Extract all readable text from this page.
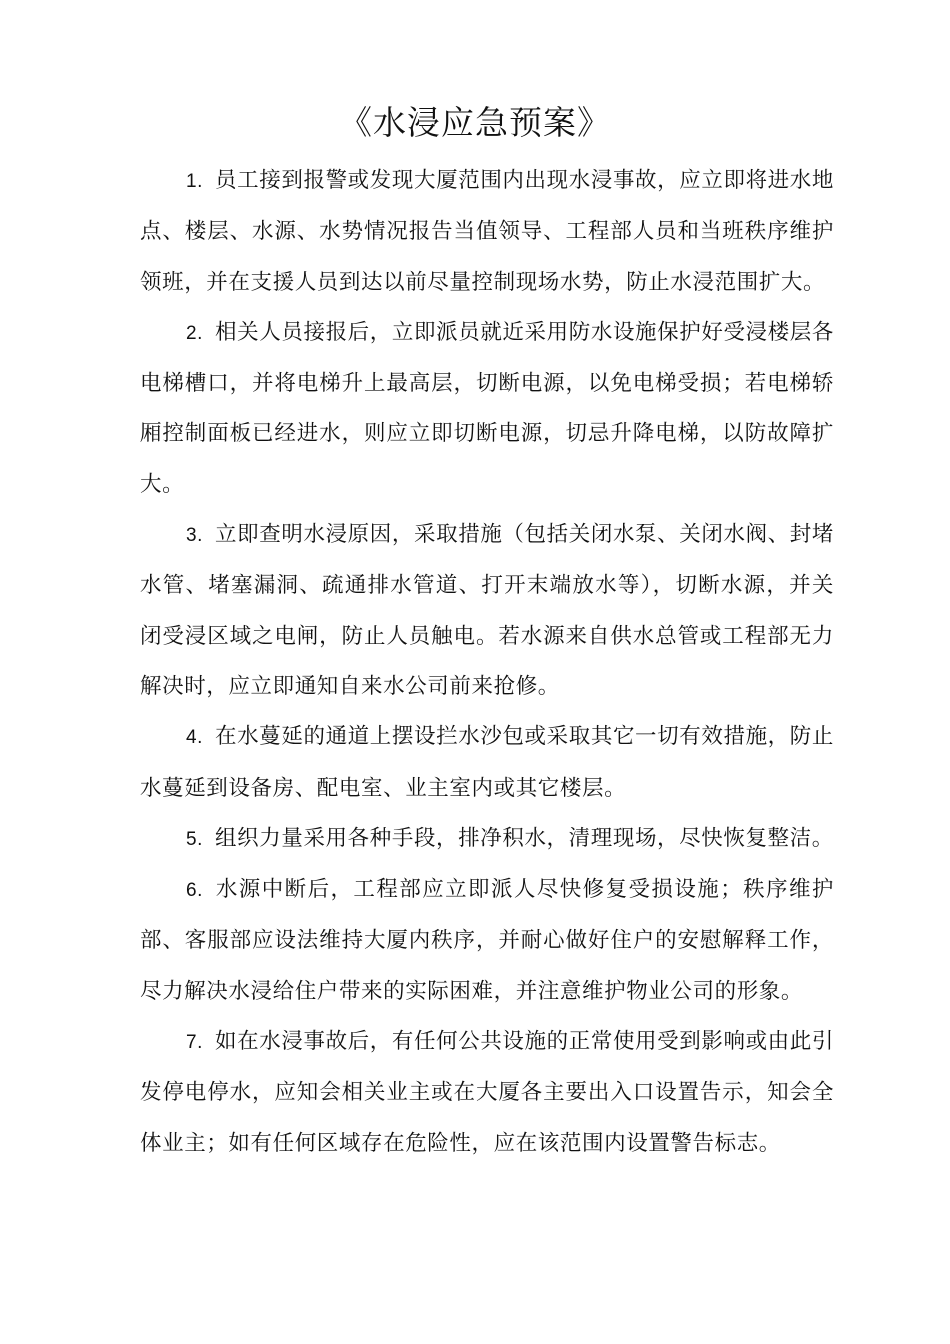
《水浸应急预案》

1. 员工接到报警或发现大厦范围内出现水浸事故，应立即将进水地点、楼层、水源、水势情况报告当值领导、工程部人员和当班秩序维护领班，并在支援人员到达以前尽量控制现场水势，防止水浸范围扩大。

2. 相关人员接报后，立即派员就近采用防水设施保护好受浸楼层各电梯槽口，并将电梯升上最高层，切断电源，以免电梯受损；若电梯轿厢控制面板已经进水，则应立即切断电源，切忌升降电梯，以防故障扩大。

3. 立即查明水浸原因，采取措施（包括关闭水泵、关闭水阀、封堵水管、堵塞漏洞、疏通排水管道、打开末端放水等），切断水源，并关闭受浸区域之电闸，防止人员触电。若水源来自供水总管或工程部无力解决时，应立即通知自来水公司前来抢修。

4. 在水蔓延的通道上摆设拦水沙包或采取其它一切有效措施，防止水蔓延到设备房、配电室、业主室内或其它楼层。

5. 组织力量采用各种手段，排净积水，清理现场，尽快恢复整洁。

6. 水源中断后，工程部应立即派人尽快修复受损设施；秩序维护部、客服部应设法维持大厦内秩序，并耐心做好住户的安慰解释工作，尽力解决水浸给住户带来的实际困难，并注意维护物业公司的形象。

7. 如在水浸事故后，有任何公共设施的正常使用受到影响或由此引发停电停水，应知会相关业主或在大厦各主要出入口设置告示，知会全体业主；如有任何区域存在危险性，应在该范围内设置警告标志。
